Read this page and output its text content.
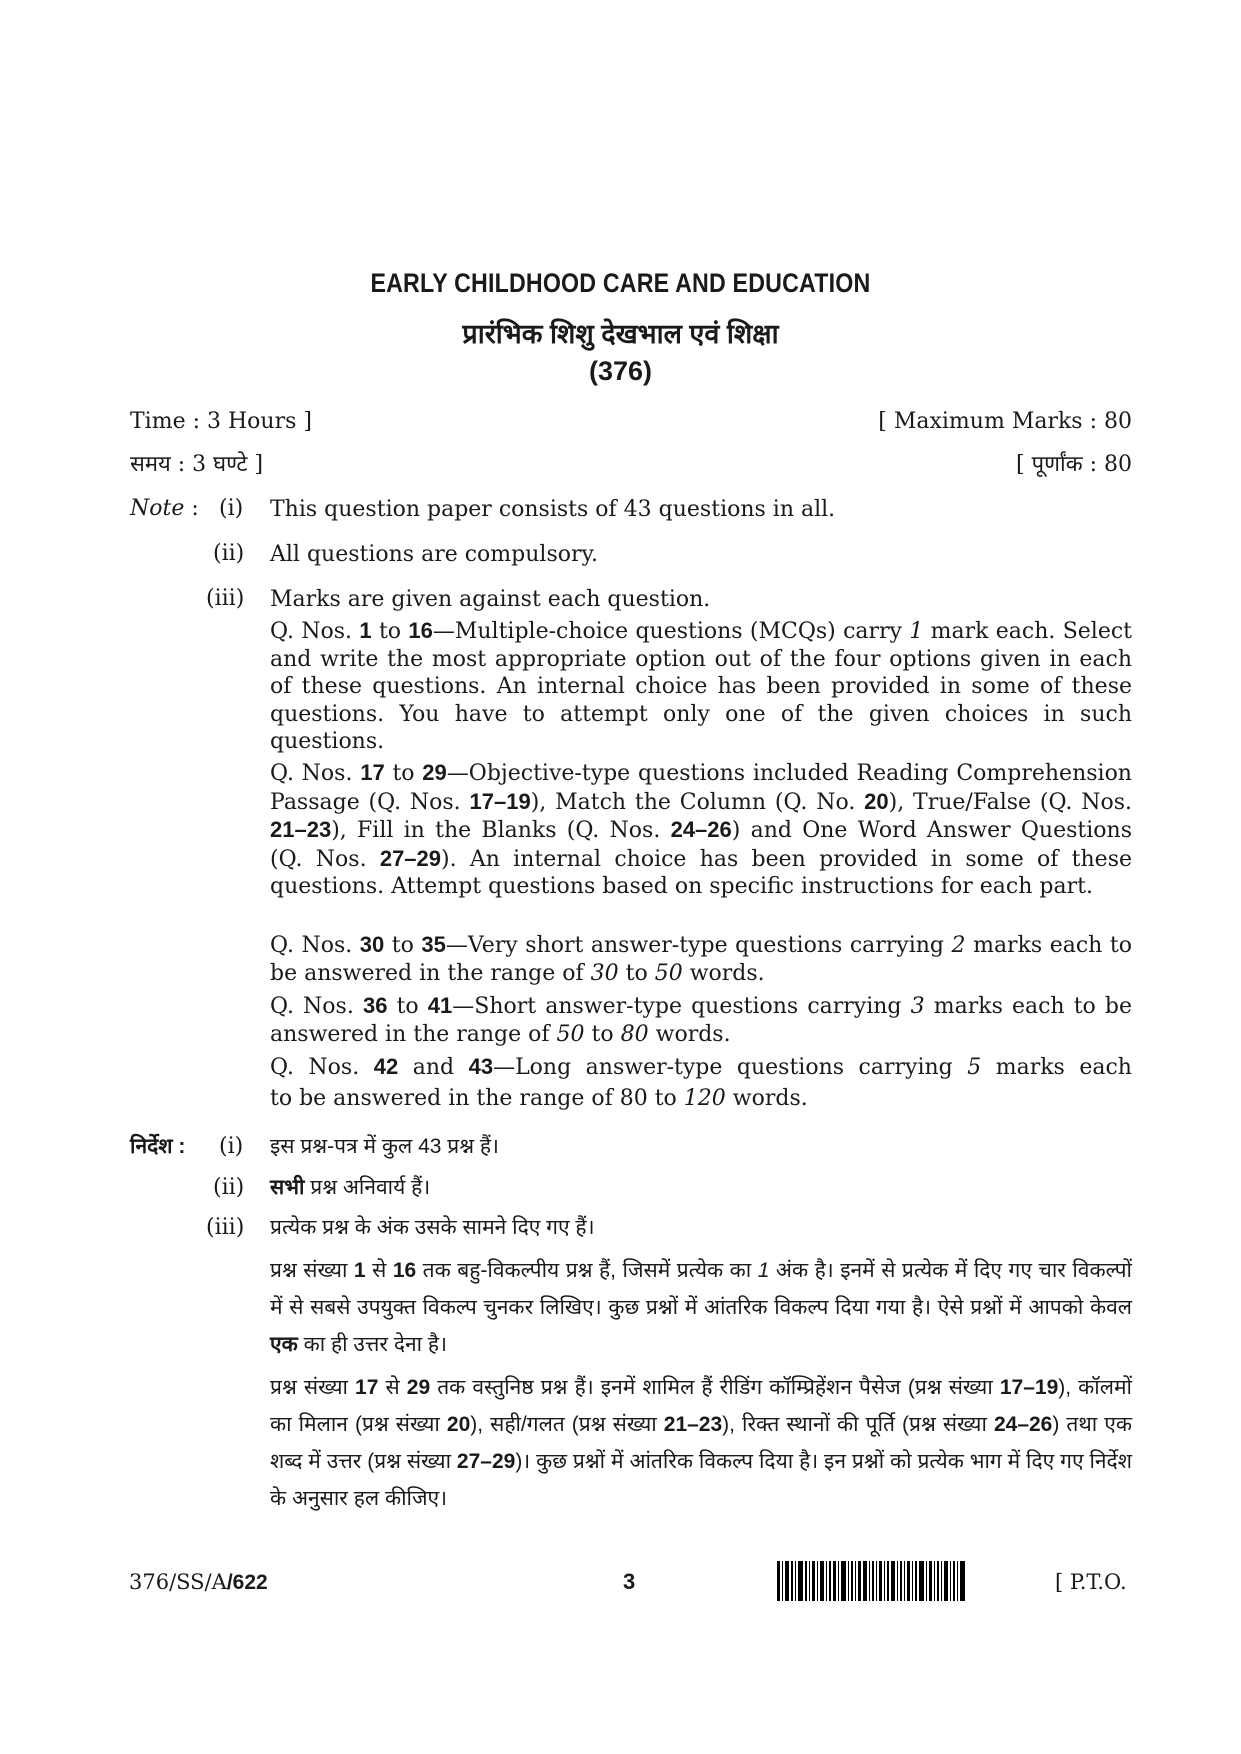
EARLY CHILDHOOD CARE AND EDUCATION
प्रारंभिक शिशु देखभाल एवं शिक्षा
(376)
Time : 3 Hours ]	[ Maximum Marks : 80
समय : 3 घण्टे ]	[ पूर्णांक : 80
Note : (i) This question paper consists of 43 questions in all.
(ii) All questions are compulsory.
(iii) Marks are given against each question.
Q. Nos. 1 to 16—Multiple-choice questions (MCQs) carry 1 mark each. Select and write the most appropriate option out of the four options given in each of these questions. An internal choice has been provided in some of these questions. You have to attempt only one of the given choices in such questions.
Q. Nos. 17 to 29—Objective-type questions included Reading Comprehension Passage (Q. Nos. 17–19), Match the Column (Q. No. 20), True/False (Q. Nos. 21–23), Fill in the Blanks (Q. Nos. 24–26) and One Word Answer Questions (Q. Nos. 27–29). An internal choice has been provided in some of these questions. Attempt questions based on specific instructions for each part.
Q. Nos. 30 to 35—Very short answer-type questions carrying 2 marks each to be answered in the range of 30 to 50 words.
Q. Nos. 36 to 41—Short answer-type questions carrying 3 marks each to be answered in the range of 50 to 80 words.
Q. Nos. 42 and 43—Long answer-type questions carrying 5 marks each
to be answered in the range of 80 to 120 words.
निर्देश : (i) इस प्रश्न-पत्र में कुल 43 प्रश्न हैं।
(ii) सभी प्रश्न अनिवार्य हैं।
(iii) प्रत्येक प्रश्न के अंक उसके सामने दिए गए हैं।
प्रश्न संख्या 1 से 16 तक बहु-विकल्पीय प्रश्न हैं, जिसमें प्रत्येक का 1 अंक है। इनमें से प्रत्येक में दिए गए चार विकल्पों में से सबसे उपयुक्त विकल्प चुनकर लिखिए। कुछ प्रश्नों में आंतरिक विकल्प दिया गया है। ऐसे प्रश्नों में आपको केवल एक का ही उत्तर देना है।
प्रश्न संख्या 17 से 29 तक वस्तुनिष्ठ प्रश्न हैं। इनमें शामिल हैं रीडिंग कॉम्प्रिहेंशन पैसेज (प्रश्न संख्या 17–19), कॉलमों का मिलान (प्रश्न संख्या 20), सही/गलत (प्रश्न संख्या 21–23), रिक्त स्थानों की पूर्ति (प्रश्न संख्या 24–26) तथा एक शब्द में उत्तर (प्रश्न संख्या 27–29)। कुछ प्रश्नों में आंतरिक विकल्प दिया है। इन प्रश्नों को प्रत्येक भाग में दिए गए निर्देश के अनुसार हल कीजिए।
376/SS/A/622	3	[ P.T.O.
